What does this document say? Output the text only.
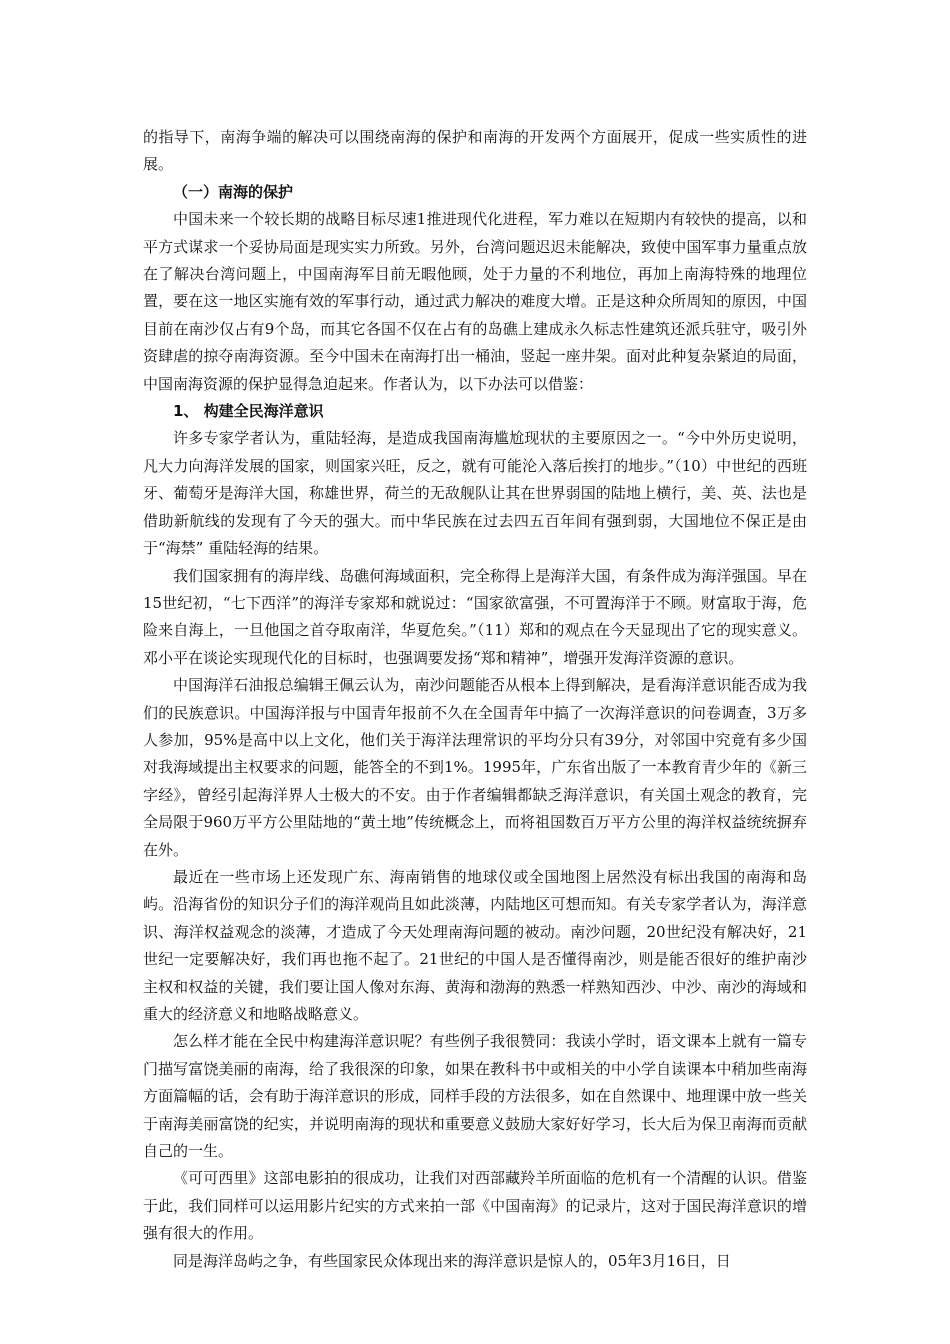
的指导下，南海争端的解决可以围绕南海的保护和南海的开发两个方面展开，促成一些实质性的进展。

（一）南海的保护

中国未来一个较长期的战略目标尽速1推进现代化进程，军力难以在短期内有较快的提高，以和平方式谋求一个妥协局面是现实实力所致。另外，台湾问题迟迟未能解决，致使中国军事力量重点放在了解决台湾问题上，中国南海军目前无暇他顾，处于力量的不利地位，再加上南海特殊的地理位置，要在这一地区实施有效的军事行动，通过武力解决的难度大增。正是这种众所周知的原因，中国目前在南沙仅占有9个岛，而其它各国不仅在占有的岛礁上建成永久标志性建筑还派兵驻守，吸引外资肆虐的掠夺南海资源。至今中国未在南海打出一桶油，竖起一座井架。面对此种复杂紧迫的局面，中国南海资源的保护显得急迫起来。作者认为，以下办法可以借鉴：

1、 构建全民海洋意识

许多专家学者认为，重陆轻海，是造成我国南海尴尬现状的主要原因之一。“今中外历史说明，凡大力向海洋发展的国家，则国家兴旺，反之，就有可能沦入落后挨打的地步。”（10）中世纪的西班牙、葡萄牙是海洋大国，称雄世界，荷兰的无敌舰队让其在世界弱国的陆地上横行，美、英、法也是借助新航线的发现有了今天的强大。而中华民族在过去四五百年间有强到弱，大国地位不保正是由于“海禁” 重陆轻海的结果。

我们国家拥有的海岸线、岛礁何海域面积，完全称得上是海洋大国，有条件成为海洋强国。早在15世纪初，“七下西洋”的海洋专家郑和就说过：“国家欲富强，不可置海洋于不顾。财富取于海，危险来自海上，一旦他国之首夺取南洋，华夏危矣。”（11）郑和的观点在今天显现出了它的现实意义。邓小平在谈论实现现代化的目标时，也强调要发扬“郑和精神”，增强开发海洋资源的意识。

中国海洋石油报总编辑王佩云认为，南沙问题能否从根本上得到解决，是看海洋意识能否成为我们的民族意识。中国海洋报与中国青年报前不久在全国青年中搞了一次海洋意识的问卷调查，3万多人参加，95%是高中以上文化，他们关于海洋法理常识的平均分只有39分，对邻国中究竟有多少国对我海域提出主权要求的问题，能答全的不到1%。1995年，广东省出版了一本教育青少年的《新三字经》，曾经引起海洋界人士极大的不安。由于作者编辑都缺乏海洋意识，有关国土观念的教育，完全局限于960万平方公里陆地的“黄土地”传统概念上，而将祖国数百万平方公里的海洋权益统统摒弃在外。

最近在一些市场上还发现广东、海南销售的地球仪或全国地图上居然没有标出我国的南海和岛屿。沿海省份的知识分子们的海洋观尚且如此淡薄，内陆地区可想而知。有关专家学者认为，海洋意识、海洋权益观念的淡薄，才造成了今天处理南海问题的被动。南沙问题，20世纪没有解决好，21世纪一定要解决好，我们再也拖不起了。21世纪的中国人是否懂得南沙，则是能否很好的维护南沙主权和权益的关键，我们要让国人像对东海、黄海和渤海的熟悉一样熟知西沙、中沙、南沙的海域和重大的经济意义和地略战略意义。

怎么样才能在全民中构建海洋意识呢？有些例子我很赞同：我读小学时，语文课本上就有一篇专门描写富饶美丽的南海，给了我很深的印象，如果在教科书中或相关的中小学自读课本中稍加些南海方面篇幅的话，会有助于海洋意识的形成，同样手段的方法很多，如在自然课中、地理课中放一些关于南海美丽富饶的纪实，并说明南海的现状和重要意义鼓励大家好好学习，长大后为保卫南海而贡献自己的一生。

《可可西里》这部电影拍的很成功，让我们对西部藏羚羊所面临的危机有一个清醒的认识。借鉴于此，我们同样可以运用影片纪实的方式来拍一部《中国南海》的记录片，这对于国民海洋意识的增强有很大的作用。

同是海洋岛屿之争，有些国家民众体现出来的海洋意识是惊人的，05年3月16日，日
